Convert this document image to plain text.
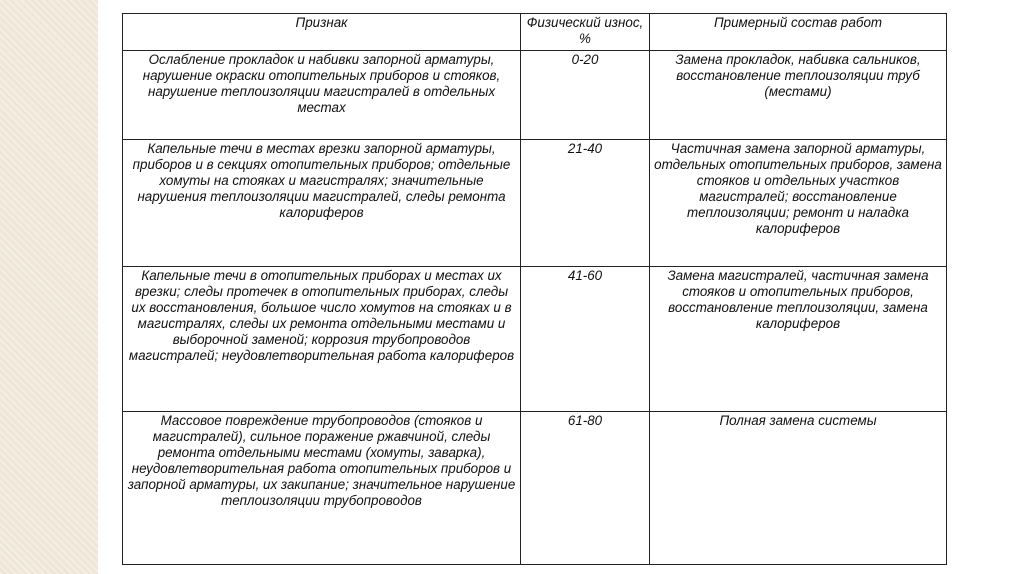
Признак	Физический износ, %	Примерный состав работ
Ослабление прокладок и набивки запорной арматуры, нарушение окраски отопительных приборов и стояков, нарушение теплоизоляции магистралей в отдельных местах	0-20	Замена прокладок, набивка сальников, восстановление теплоизоляции труб (местами)
Капельные течи в местах врезки запорной арматуры, приборов и в секциях отопительных приборов; отдельные хомуты на стояках и магистралях; значительные нарушения теплоизоляции магистралей, следы ремонта калориферов	21-40	Частичная замена запорной арматуры, отдельных отопительных приборов, замена стояков и отдельных участков магистралей; восстановление теплоизоляции; ремонт и наладка калориферов
Капельные течи в отопительных приборах и местах их врезки; следы протечек в отопительных приборах, следы их восстановления, большое число хомутов на стояках и в магистралях, следы их ремонта отдельными местами и выборочной заменой; коррозия трубопроводов магистралей; неудовлетворительная работа калориферов	41-60	Замена магистралей, частичная замена стояков и отопительных приборов, восстановление теплоизоляции, замена калориферов
Массовое повреждение трубопроводов (стояков и магистралей), сильное поражение ржавчиной, следы ремонта отдельными местами (хомуты, заварка), неудовлетворительная работа отопительных приборов и запорной арматуры, их закипание; значительное нарушение теплоизоляции трубопроводов	61-80	Полная замена системы
